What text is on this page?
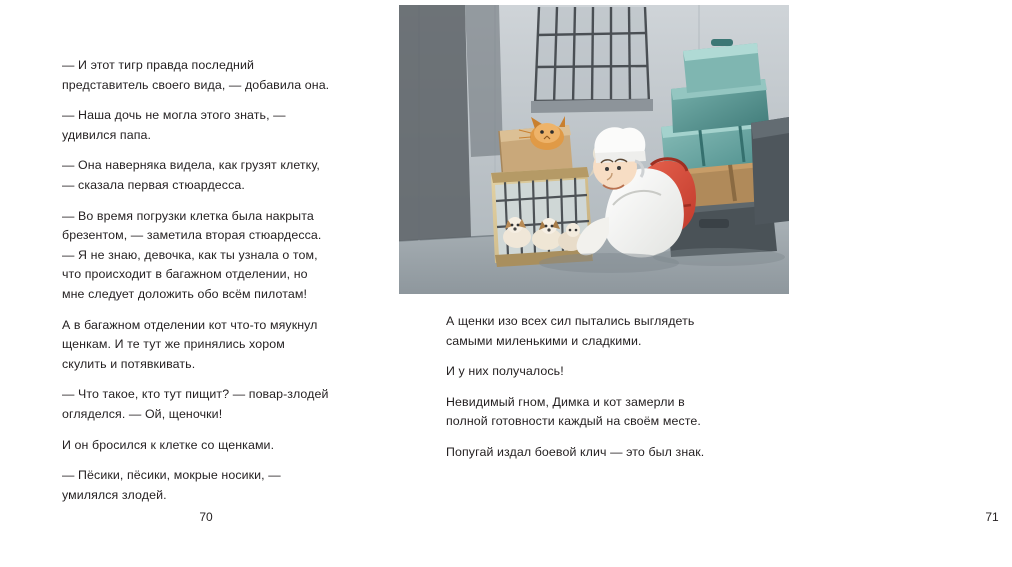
— И этот тигр правда последний представитель своего вида, — добавила она.

— Наша дочь не могла этого знать, — удивился папа.

— Она наверняка видела, как грузят клетку, — сказала первая стюардесса.

— Во время погрузки клетка была накрыта брезентом, — заметила вторая стюардесса. — Я не знаю, девочка, как ты узнала о том, что происходит в багажном отделении, но мне следует доложить обо всём пилотам!

А в багажном отделении кот что-то мяукнул щенкам. И те тут же принялись хором скулить и потявкивать.

— Что такое, кто тут пищит? — повар-злодей огляделся. — Ой, щеночки!

И он бросился к клетке со щенками.

— Пёсики, пёсики, мокрые носики, — умилялся злодей.

70

А щенки изо всех сил пытались выглядеть самыми миленькими и сладкими.

И у них получалось!

Невидимый гном, Димка и кот замерли в полной готовности каждый на своём месте.

Попугай издал боевой клич — это был знак.

71
